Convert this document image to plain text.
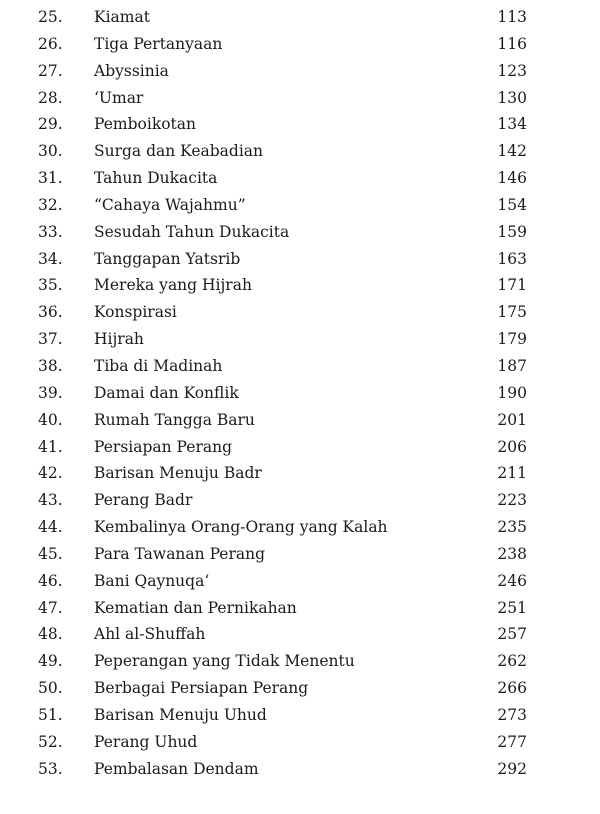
25.	Kiamat	113
26.	Tiga Pertanyaan	116
27.	Abyssinia	123
28.	‘Umar	130
29.	Pemboikotan	134
30.	Surga dan Keabadian	142
31.	Tahun Dukacita	146
32.	“Cahaya Wajahmu”	154
33.	Sesudah Tahun Dukacita	159
34.	Tanggapan Yatsrib	163
35.	Mereka yang Hijrah	171
36.	Konspirasi	175
37.	Hijrah	179
38.	Tiba di Madinah	187
39.	Damai dan Konflik	190
40.	Rumah Tangga Baru	201
41.	Persiapan Perang	206
42.	Barisan Menuju Badr	211
43.	Perang Badr	223
44.	Kembalinya Orang-Orang yang Kalah	235
45.	Para Tawanan Perang	238
46.	Bani Qaynuqa‘	246
47.	Kematian dan Pernikahan	251
48.	Ahl al-Shuffah	257
49.	Peperangan yang Tidak Menentu	262
50.	Berbagai Persiapan Perang	266
51.	Barisan Menuju Uhud	273
52.	Perang Uhud	277
53.	Pembalasan Dendam	292
